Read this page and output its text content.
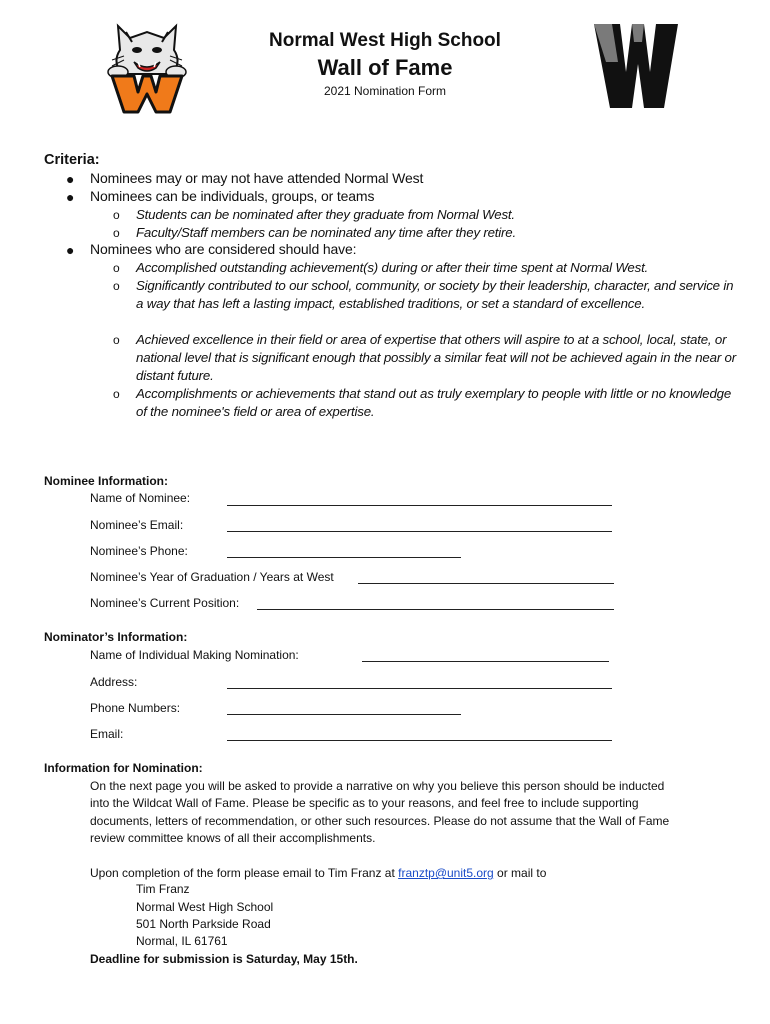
Normal West High School
Wall of Fame
2021 Nomination Form
Criteria:
● Nominees may or may not have attended Normal West
● Nominees can be individuals, groups, or teams
o Students can be nominated after they graduate from Normal West.
o Faculty/Staff members can be nominated any time after they retire.
● Nominees who are considered should have:
o Accomplished outstanding achievement(s) during or after their time spent at Normal West.
o Significantly contributed to our school, community, or society by their leadership, character, and service in a way that has left a lasting impact, established traditions, or set a standard of excellence.
o Achieved excellence in their field or area of expertise that others will aspire to at a school, local, state, or national level that is significant enough that possibly a similar feat will not be achieved again in the near or distant future.
o Accomplishments or achievements that stand out as truly exemplary to people with little or no knowledge of the nominee's field or area of expertise.
Nominee Information:
Name of Nominee:
Nominee’s Email:
Nominee’s Phone:
Nominee’s Year of Graduation / Years at West
Nominee’s Current Position:
Nominator’s Information:
Name of Individual Making Nomination:
Address:
Phone Numbers:
Email:
Information for Nomination:
On the next page you will be asked to provide a narrative on why you believe this person should be inducted
into the Wildcat Wall of Fame. Please be specific as to your reasons, and feel free to include supporting
documents, letters of recommendation, or other such resources. Please do not assume that the Wall of Fame
review committee knows of all their accomplishments.
Upon completion of the form please email to Tim Franz at franztp@unit5.org or mail to
Tim Franz
Normal West High School
501 North Parkside Road
Normal, IL 61761
Deadline for submission is Saturday, May 15th.
